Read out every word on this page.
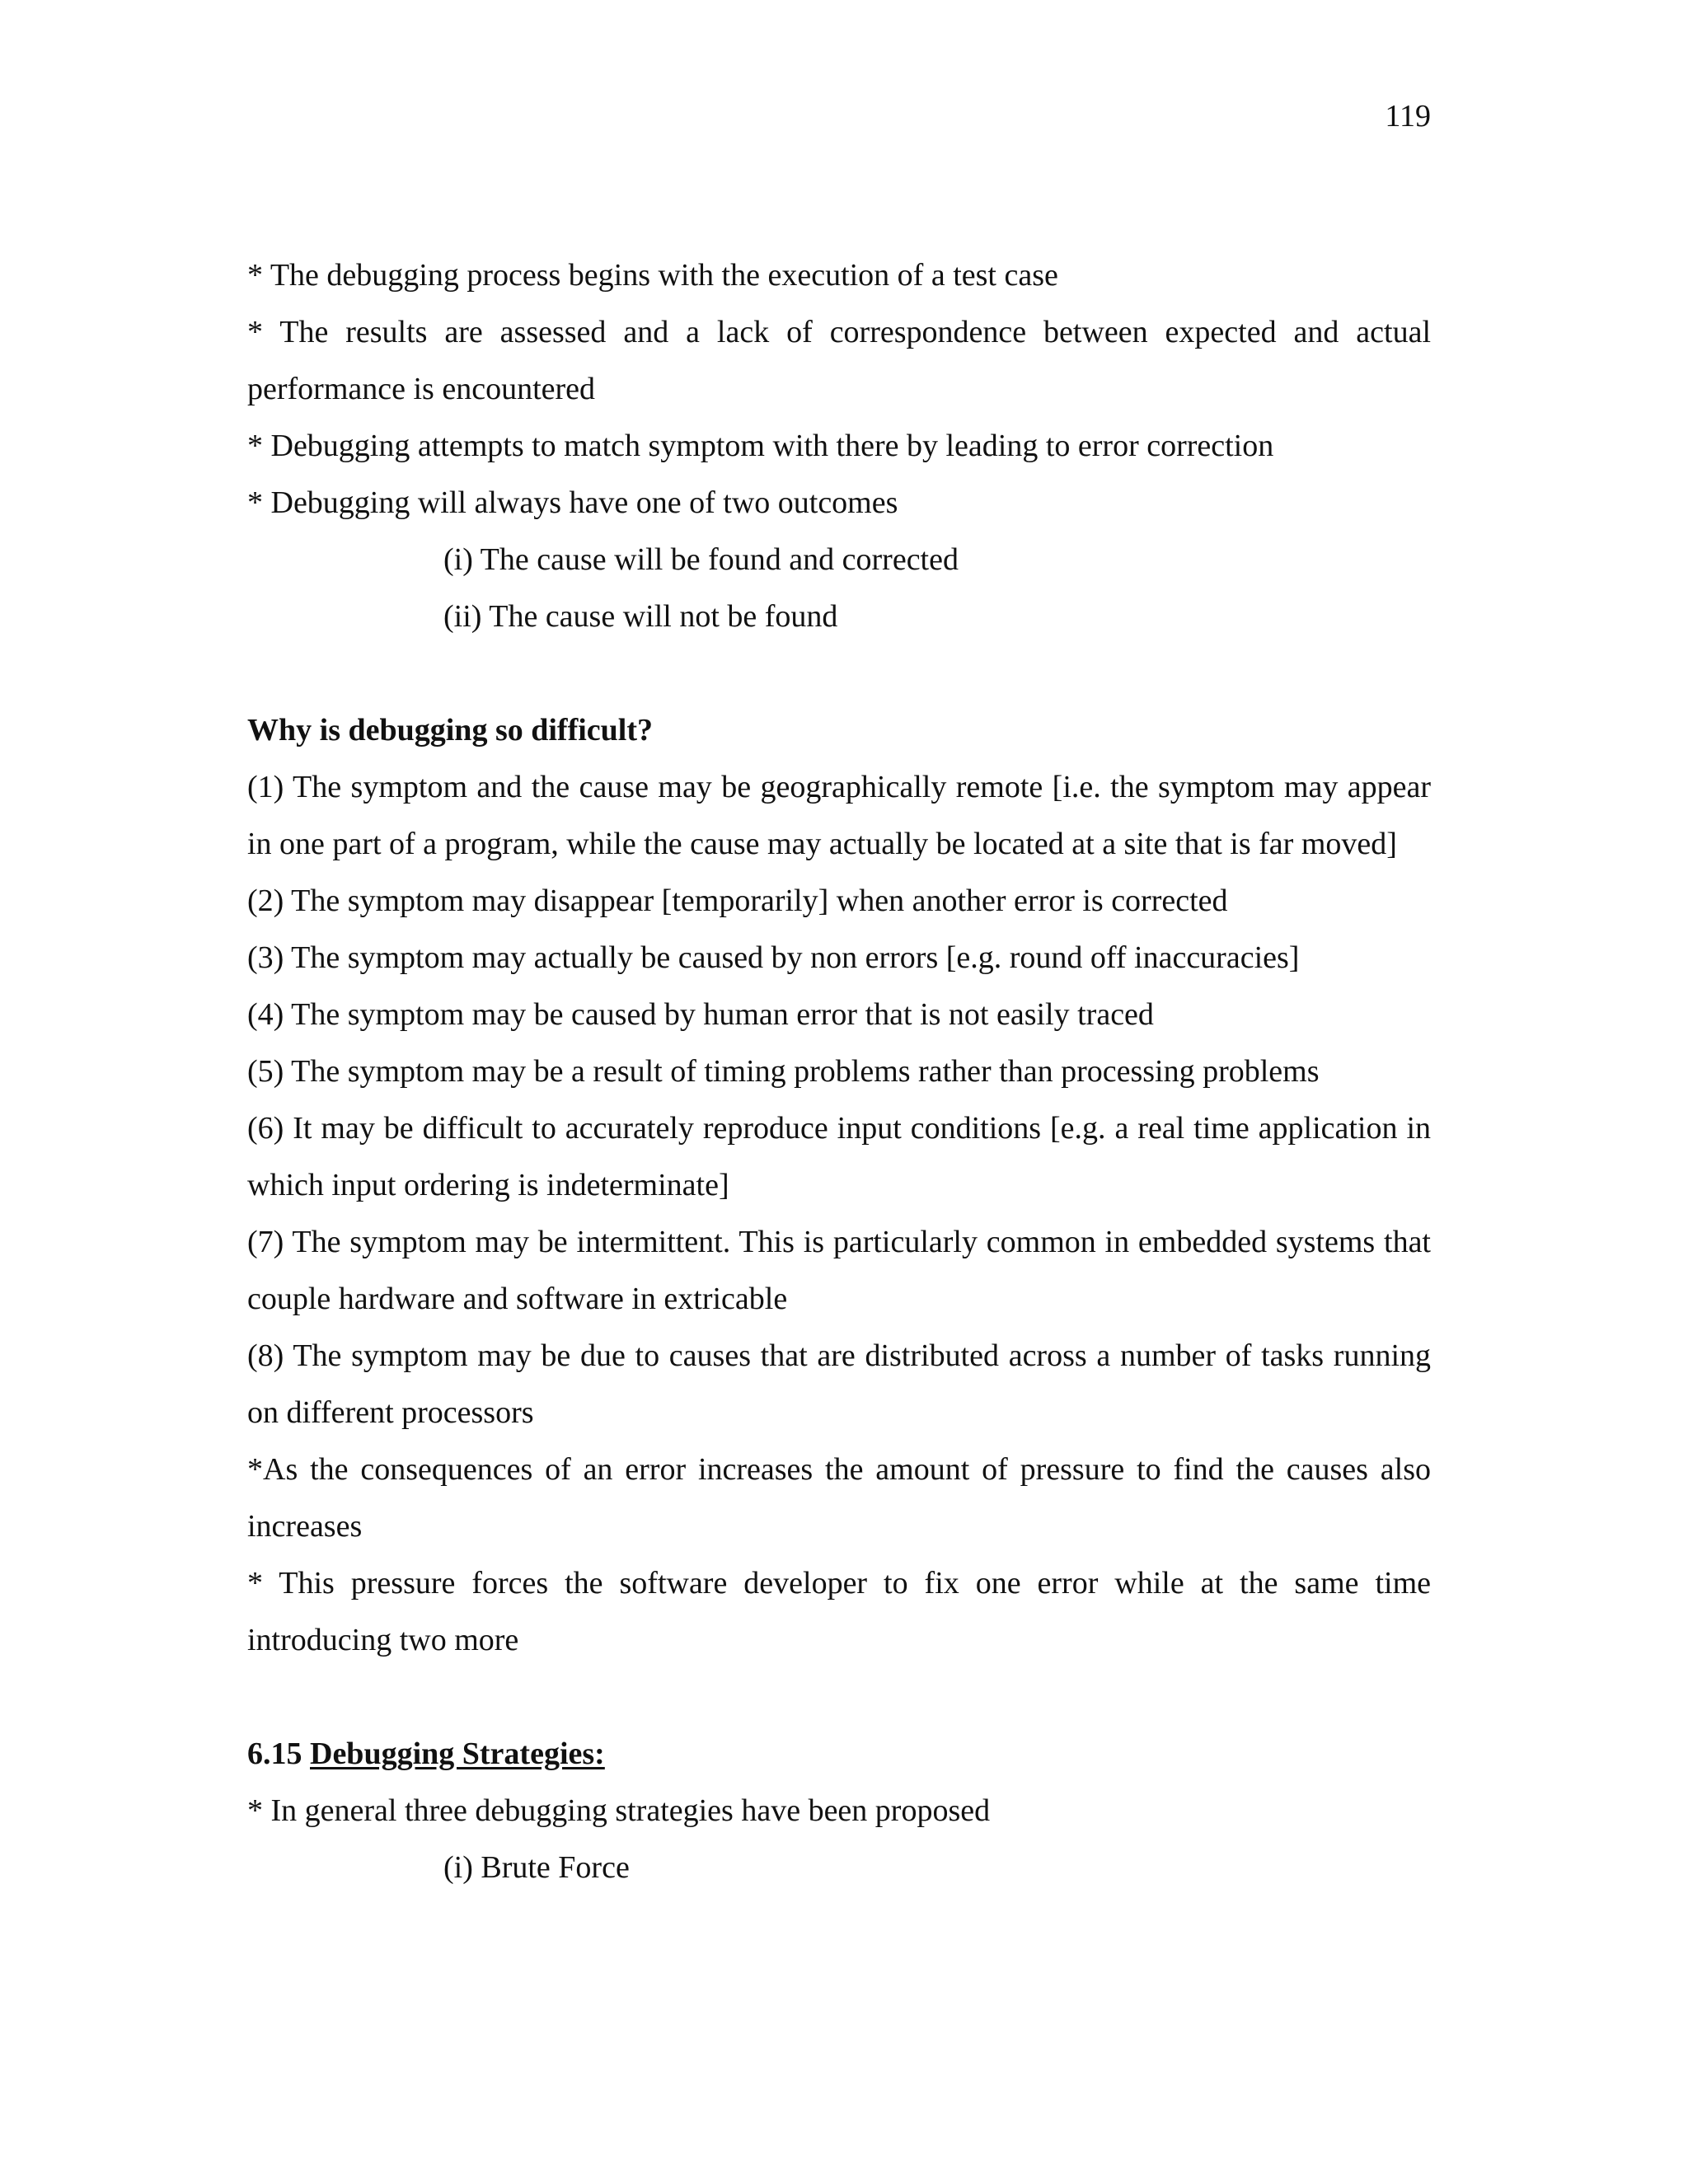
119

* The debugging process begins with the execution of a test case

* The results are assessed and a lack of correspondence between expected and actual performance is encountered

* Debugging attempts to match symptom with there by leading to error correction

* Debugging will always have one of two outcomes

(i) The cause will be found and corrected

(ii) The cause will not be found

Why is debugging so difficult?

(1) The symptom and the cause may be geographically remote [i.e. the symptom may appear in one part of a program, while the cause may actually be located at a site that is far moved]

(2) The symptom may disappear [temporarily] when another error is corrected

(3) The symptom may actually be caused by non errors [e.g. round off inaccuracies]

(4) The symptom may be caused by human error that is not easily traced

(5) The symptom may be a result of timing problems rather than processing problems

(6) It may be difficult to accurately reproduce input conditions [e.g. a real time application in which input ordering is indeterminate]

(7) The symptom may be intermittent. This is particularly common in embedded systems that couple hardware and software in extricable

(8) The symptom may be due to causes that are distributed across a number of tasks running on different processors

*As the consequences of an error increases the amount of pressure to find the causes also increases

* This pressure forces the software developer to fix one error while at the same time introducing two more

6.15 Debugging Strategies:

* In general three debugging strategies have been proposed

(i) Brute Force
